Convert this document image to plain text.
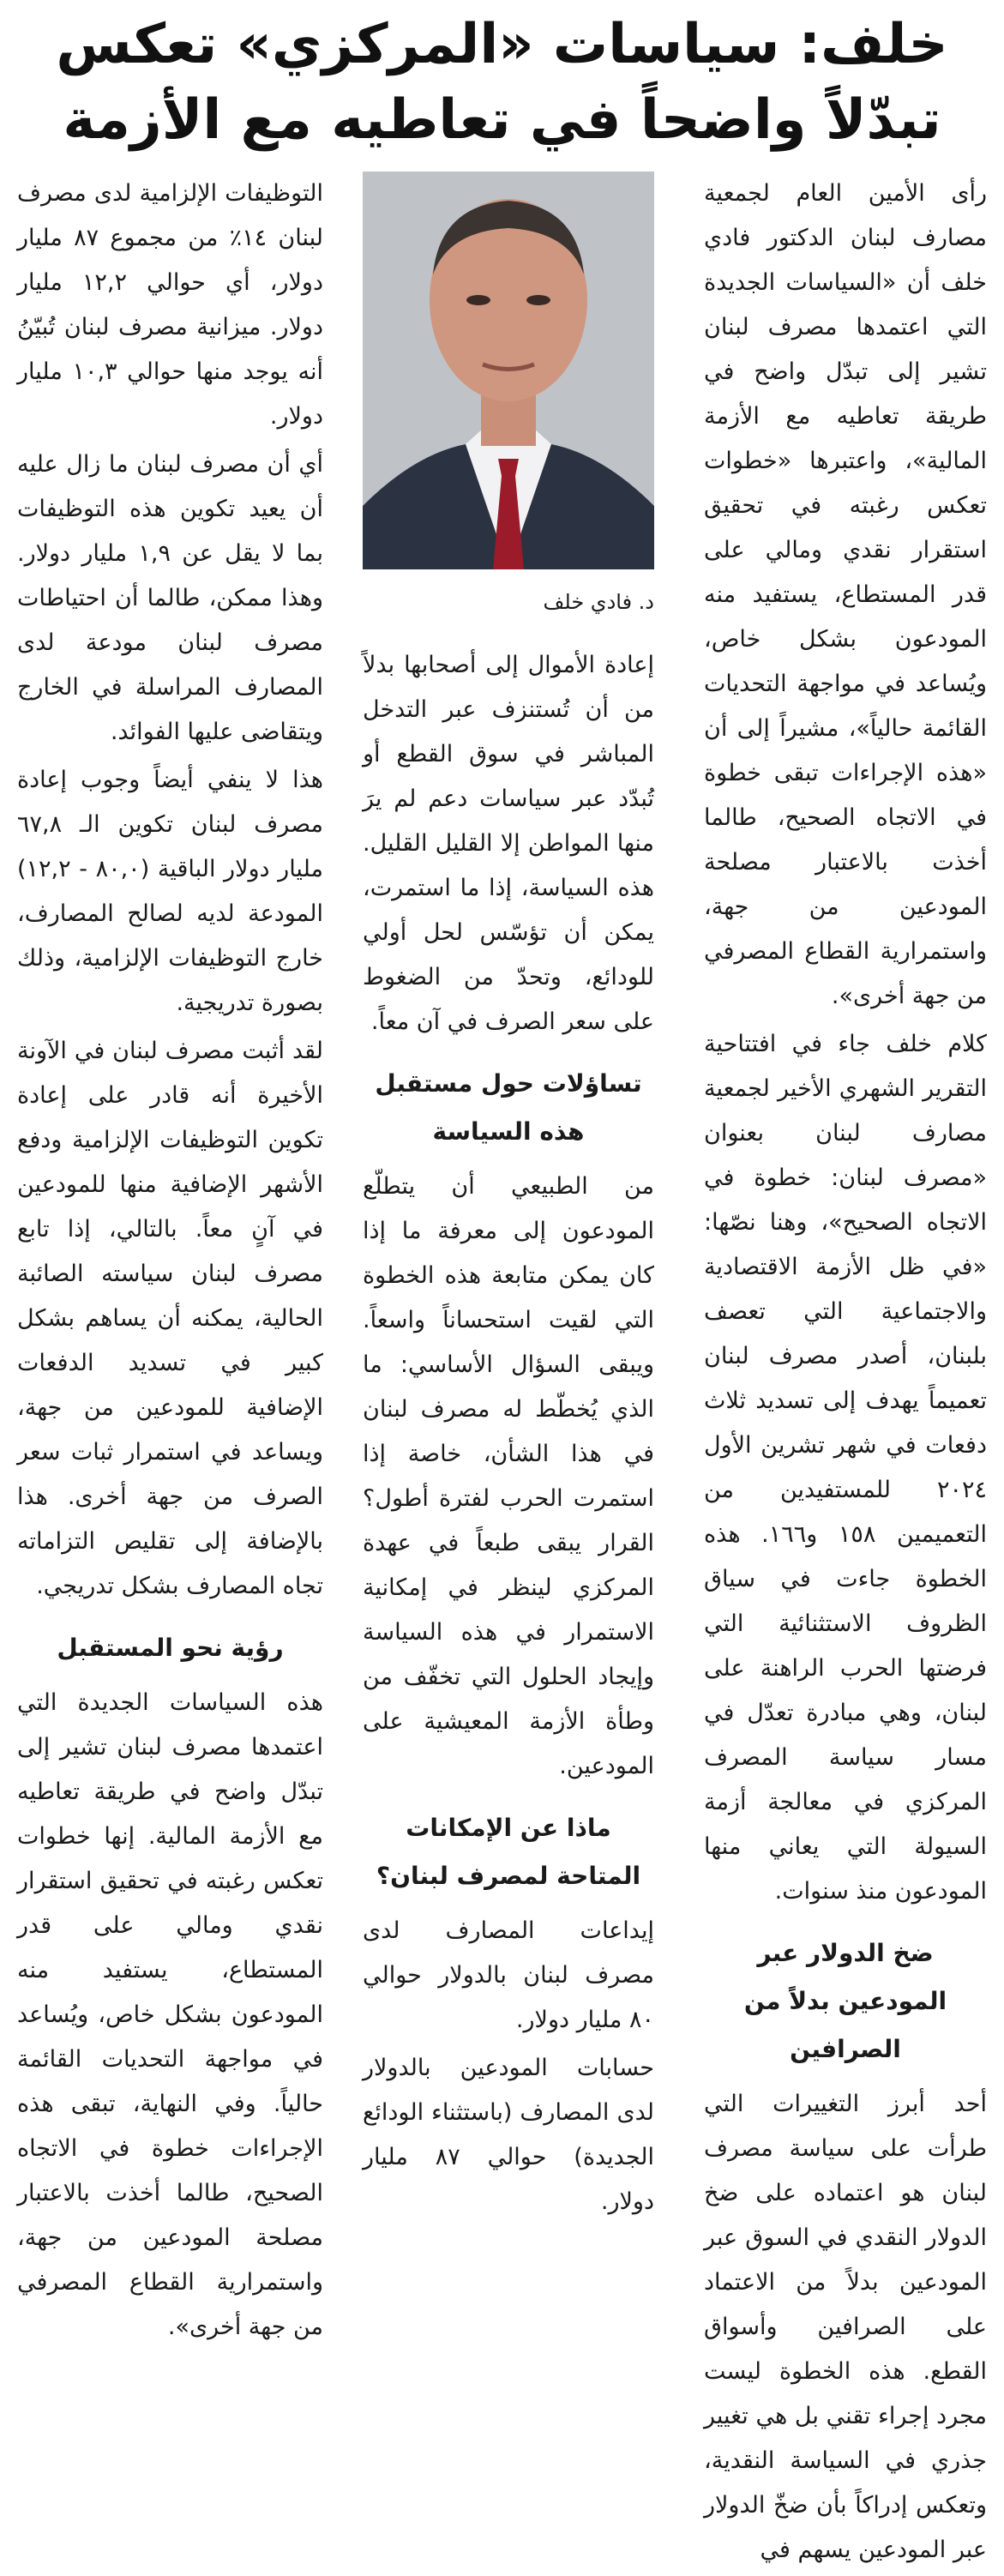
خلف: سياسات «المركزي» تعكس تبدّلاً واضحاً في تعاطيه مع الأزمة

رأى الأمين العام لجمعية مصارف لبنان الدكتور فادي خلف أن «السياسات الجديدة التي اعتمدها مصرف لبنان تشير إلى تبدّل واضح في طريقة تعاطيه مع الأزمة المالية»، واعتبرها «خطوات تعكس رغبته في تحقيق استقرار نقدي ومالي على قدر المستطاع، يستفيد منه المودعون بشكل خاص، ويُساعد في مواجهة التحديات القائمة حالياً»، مشيراً إلى أن «هذه الإجراءات تبقى خطوة في الاتجاه الصحيح، طالما أخذت بالاعتبار مصلحة المودعين من جهة، واستمرارية القطاع المصرفي من جهة أخرى».

كلام خلف جاء في افتتاحية التقرير الشهري الأخير لجمعية مصارف لبنان بعنوان «مصرف لبنان: خطوة في الاتجاه الصحيح»، وهنا نصّها: «في ظل الأزمة الاقتصادية والاجتماعية التي تعصف بلبنان، أصدر مصرف لبنان تعميماً يهدف إلى تسديد ثلاث دفعات في شهر تشرين الأول ٢٠٢٤ للمستفيدين من التعميمين ١٥٨ و١٦٦. هذه الخطوة جاءت في سياق الظروف الاستثنائية التي فرضتها الحرب الراهنة على لبنان، وهي مبادرة تعدّل في مسار سياسة المصرف المركزي في معالجة أزمة السيولة التي يعاني منها المودعون منذ سنوات.

ضخ الدولار عبر المودعين بدلاً من الصرافين

أحد أبرز التغييرات التي طرأت على سياسة مصرف لبنان هو اعتماده على ضخ الدولار النقدي في السوق عبر المودعين بدلاً من الاعتماد على الصرافين وأسواق القطع. هذه الخطوة ليست مجرد إجراء تقني بل هي تغيير جذري في السياسة النقدية، وتعكس إدراكاً بأن ضخّ الدولار عبر المودعين يسهم في

د. فادي خلف

إعادة الأموال إلى أصحابها بدلاً من أن تُستنزف عبر التدخل المباشر في سوق القطع أو تُبدّد عبر سياسات دعم لم يرَ منها المواطن إلا القليل القليل. هذه السياسة، إذا ما استمرت، يمكن أن تؤسّس لحل أولي للودائع، وتحدّ من الضغوط على سعر الصرف في آن معاً.

تساؤلات حول مستقبل هذه السياسة

من الطبيعي أن يتطلّع المودعون إلى معرفة ما إذا كان يمكن متابعة هذه الخطوة التي لقيت استحساناً واسعاً. ويبقى السؤال الأساسي: ما الذي يُخطّط له مصرف لبنان في هذا الشأن، خاصة إذا استمرت الحرب لفترة أطول؟ القرار يبقى طبعاً في عهدة المركزي لينظر في إمكانية الاستمرار في هذه السياسة وإيجاد الحلول التي تخفّف من وطأة الأزمة المعيشية على المودعين.

ماذا عن الإمكانات المتاحة لمصرف لبنان؟

إيداعات المصارف لدى مصرف لبنان بالدولار حوالي ٨٠ مليار دولار.

حسابات المودعين بالدولار لدى المصارف (باستثناء الودائع الجديدة) حوالي ٨٧ مليار دولار.

التوظيفات الإلزامية لدى مصرف لبنان ١٤٪ من مجموع ٨٧ مليار دولار، أي حوالي ١٢,٢ مليار دولار. ميزانية مصرف لبنان تُبيّنُ أنه يوجد منها حوالي ١٠,٣ مليار دولار.

أي أن مصرف لبنان ما زال عليه أن يعيد تكوين هذه التوظيفات بما لا يقل عن ١,٩ مليار دولار. وهذا ممكن، طالما أن احتياطات مصرف لبنان مودعة لدى المصارف المراسلة في الخارج ويتقاضى عليها الفوائد.

هذا لا ينفي أيضاً وجوب إعادة مصرف لبنان تكوين الـ ٦٧,٨ مليار دولار الباقية (٨٠,٠ - ١٢,٢) المودعة لديه لصالح المصارف، خارج التوظيفات الإلزامية، وذلك بصورة تدريجية.

لقد أثبت مصرف لبنان في الآونة الأخيرة أنه قادر على إعادة تكوين التوظيفات الإلزامية ودفع الأشهر الإضافية منها للمودعين في آنٍ معاً. بالتالي، إذا تابع مصرف لبنان سياسته الصائبة الحالية، يمكنه أن يساهم بشكل كبير في تسديد الدفعات الإضافية للمودعين من جهة، ويساعد في استمرار ثبات سعر الصرف من جهة أخرى. هذا بالإضافة إلى تقليص التزاماته تجاه المصارف بشكل تدريجي.

رؤية نحو المستقبل

هذه السياسات الجديدة التي اعتمدها مصرف لبنان تشير إلى تبدّل واضح في طريقة تعاطيه مع الأزمة المالية. إنها خطوات تعكس رغبته في تحقيق استقرار نقدي ومالي على قدر المستطاع، يستفيد منه المودعون بشكل خاص، ويُساعد في مواجهة التحديات القائمة حالياً. وفي النهاية، تبقى هذه الإجراءات خطوة في الاتجاه الصحيح، طالما أخذت بالاعتبار مصلحة المودعين من جهة، واستمرارية القطاع المصرفي من جهة أخرى».
